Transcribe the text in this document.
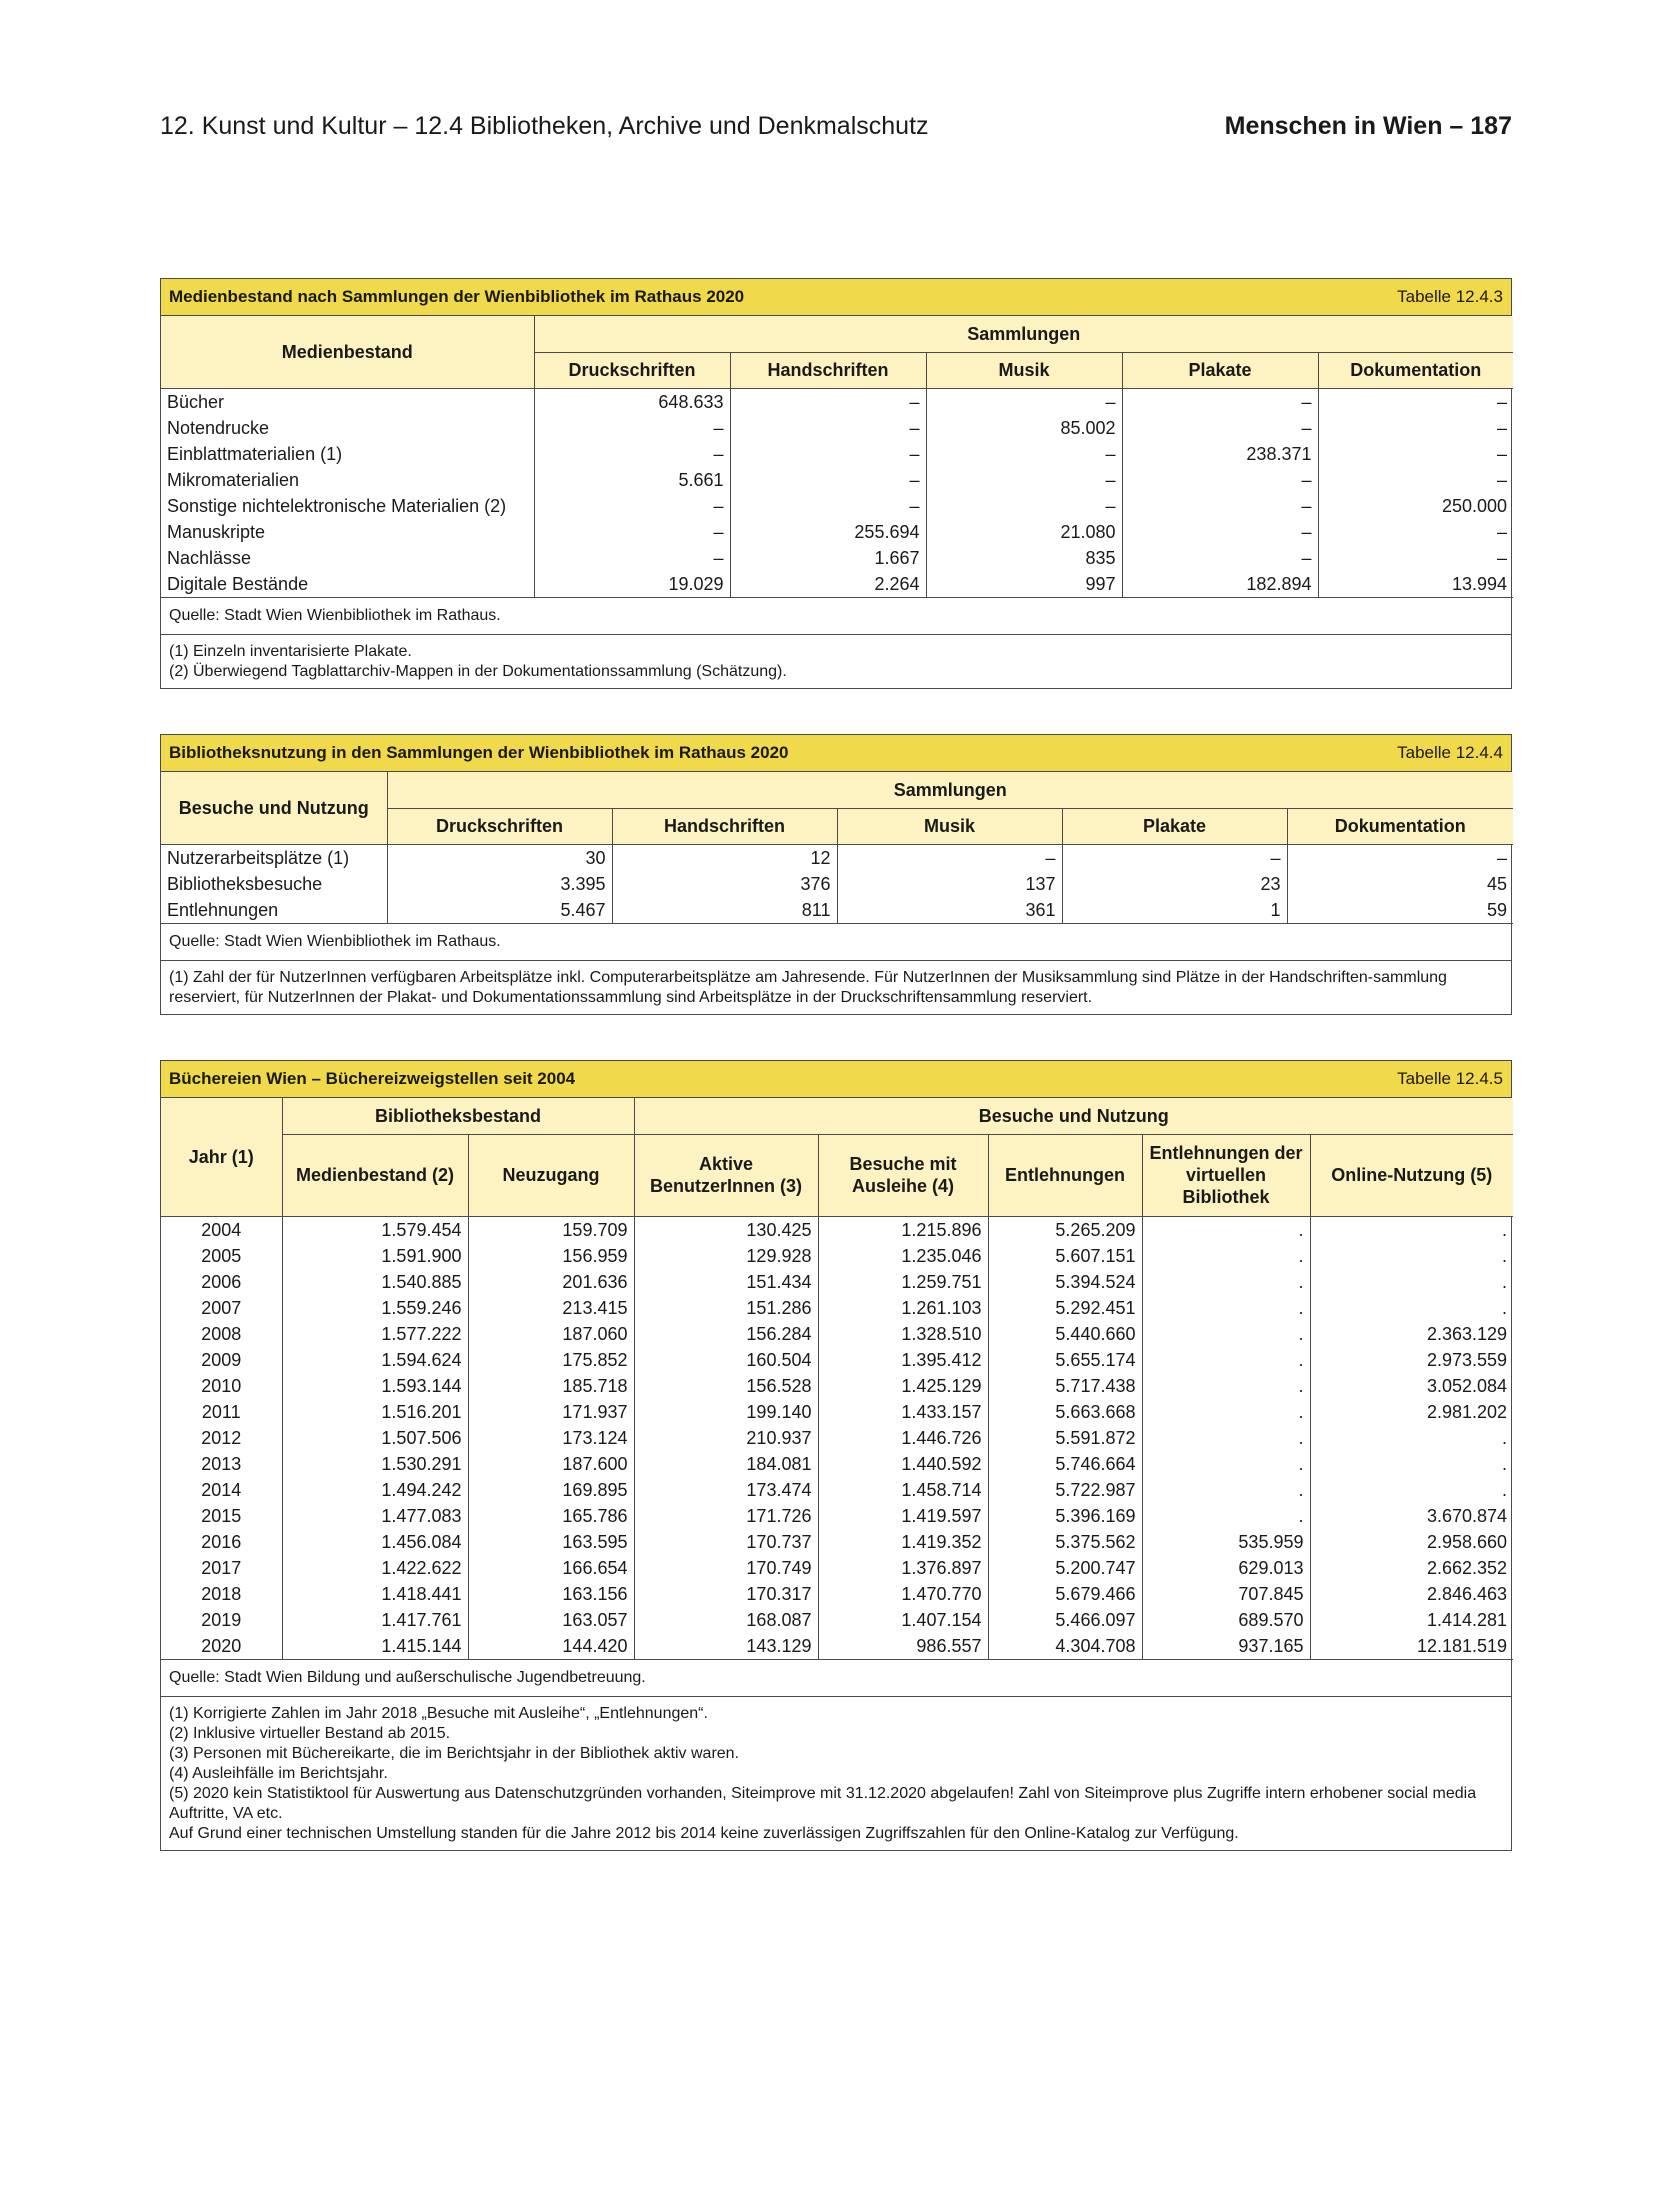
12. Kunst und Kultur – 12.4 Bibliotheken, Archive und Denkmalschutz	Menschen in Wien – 187
Medienbestand nach Sammlungen der Wienbibliothek im Rathaus 2020	Tabelle 12.4.3
Medienbestand	Sammlungen				
	Druckschriften	Handschriften	Musik	Plakate	Dokumentation
Bücher	648.633	–	–	–	–
Notendrucke	–	–	85.002	–	–
Einblattmaterialien (1)	–	–	–	238.371	–
Mikromaterialien	5.661	–	–	–	–
Sonstige nichtelektronische Materialien (2)	–	–	–	–	250.000
Manuskripte	–	255.694	21.080	–	–
Nachlässe	–	1.667	835	–	–
Digitale Bestände	19.029	2.264	997	182.894	13.994
Quelle: Stadt Wien Wienbibliothek im Rathaus.
(1) Einzeln inventarisierte Plakate.
(2) Überwiegend Tagblattarchiv-Mappen in der Dokumentationssammlung (Schätzung).
Bibliotheksnutzung in den Sammlungen der Wienbibliothek im Rathaus 2020	Tabelle 12.4.4
Besuche und Nutzung	Sammlungen				
	Druckschriften	Handschriften	Musik	Plakate	Dokumentation
Nutzerarbeitsplätze (1)	30	12	–	–	–
Bibliotheksbesuche	3.395	376	137	23	45
Entlehnungen	5.467	811	361	1	59
Quelle: Stadt Wien Wienbibliothek im Rathaus.
(1) Zahl der für NutzerInnen verfügbaren Arbeitsplätze inkl. Computerarbeitsplätze am Jahresende. Für NutzerInnen der Musiksammlung sind Plätze in der Handschriften-sammlung reserviert, für NutzerInnen der Plakat- und Dokumentationssammlung sind Arbeitsplätze in der Druckschriftensammlung reserviert.
Büchereien Wien – Büchereizweigstellen seit 2004	Tabelle 12.4.5
Jahr (1)	Bibliotheksbestand		Besuche und Nutzung				
	Medienbestand (2)	Neuzugang	Aktive BenutzerInnen (3)	Besuche mit Ausleihe (4)	Entlehnungen	Entlehnungen der virtuellen Bibliothek	Online-Nutzung (5)
2004	1.579.454	159.709	130.425	1.215.896	5.265.209	.	.
2005	1.591.900	156.959	129.928	1.235.046	5.607.151	.	.
2006	1.540.885	201.636	151.434	1.259.751	5.394.524	.	.
2007	1.559.246	213.415	151.286	1.261.103	5.292.451	.	.
2008	1.577.222	187.060	156.284	1.328.510	5.440.660	.	2.363.129
2009	1.594.624	175.852	160.504	1.395.412	5.655.174	.	2.973.559
2010	1.593.144	185.718	156.528	1.425.129	5.717.438	.	3.052.084
2011	1.516.201	171.937	199.140	1.433.157	5.663.668	.	2.981.202
2012	1.507.506	173.124	210.937	1.446.726	5.591.872	.	.
2013	1.530.291	187.600	184.081	1.440.592	5.746.664	.	.
2014	1.494.242	169.895	173.474	1.458.714	5.722.987	.	.
2015	1.477.083	165.786	171.726	1.419.597	5.396.169	.	3.670.874
2016	1.456.084	163.595	170.737	1.419.352	5.375.562	535.959	2.958.660
2017	1.422.622	166.654	170.749	1.376.897	5.200.747	629.013	2.662.352
2018	1.418.441	163.156	170.317	1.470.770	5.679.466	707.845	2.846.463
2019	1.417.761	163.057	168.087	1.407.154	5.466.097	689.570	1.414.281
2020	1.415.144	144.420	143.129	986.557	4.304.708	937.165	12.181.519
Quelle: Stadt Wien Bildung und außerschulische Jugendbetreuung.
(1) Korrigierte Zahlen im Jahr 2018 „Besuche mit Ausleihe“, „Entlehnungen“.
(2) Inklusive virtueller Bestand ab 2015.
(3) Personen mit Büchereikarte, die im Berichtsjahr in der Bibliothek aktiv waren.
(4) Ausleihfälle im Berichtsjahr.
(5) 2020 kein Statistiktool für Auswertung aus Datenschutzgründen vorhanden, Siteimprove mit 31.12.2020 abgelaufen! Zahl von Siteimprove plus Zugriffe intern erhobener social media Auftritte, VA etc.
Auf Grund einer technischen Umstellung standen für die Jahre 2012 bis 2014 keine zuverlässigen Zugriffszahlen für den Online-Katalog zur Verfügung.
